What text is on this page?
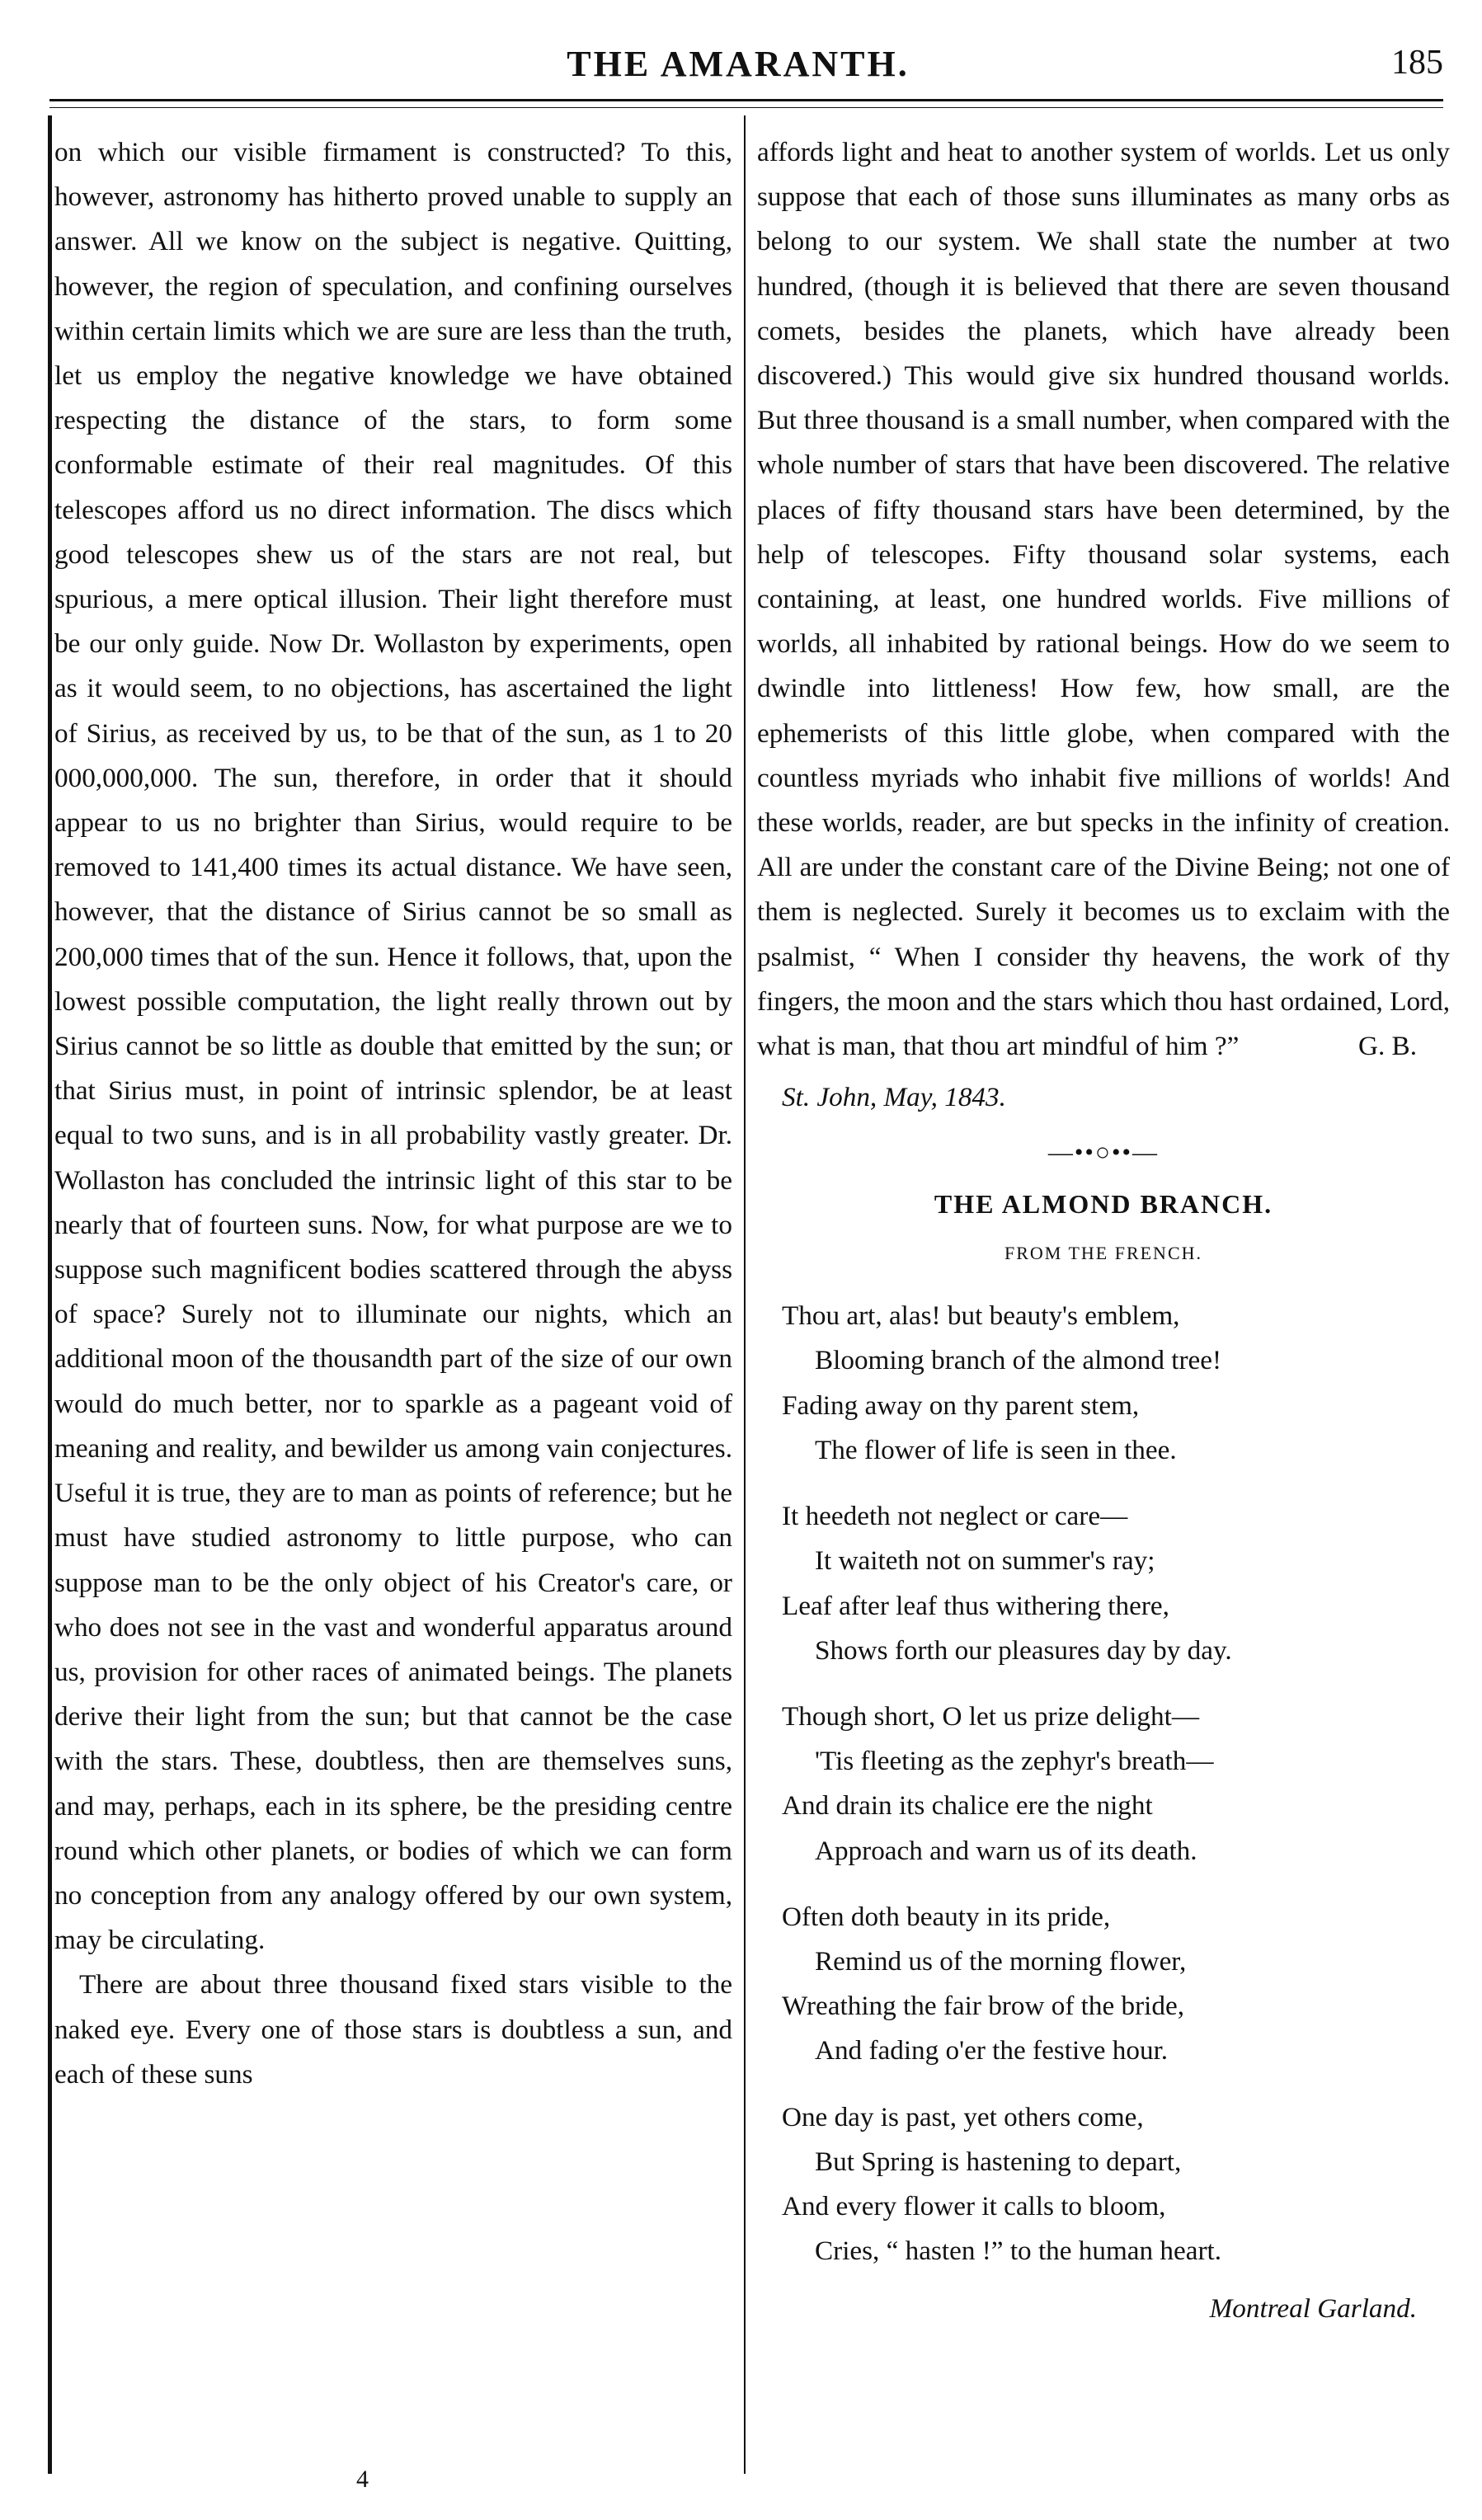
THE AMARANTH.	185

on which our visible firmament is constructed? To this, however, astronomy has hitherto proved unable to supply an answer. All we know on the subject is negative. Quitting, however, the region of speculation, and confining ourselves within certain limits which we are sure are less than the truth, let us employ the negative knowledge we have obtained respecting the distance of the stars, to form some conformable estimate of their real magnitudes. Of this telescopes afford us no direct information. The discs which good telescopes shew us of the stars are not real, but spurious, a mere optical illusion. Their light therefore must be our only guide. Now Dr. Wollaston by experiments, open as it would seem, to no objections, has ascertained the light of Sirius, as received by us, to be that of the sun, as 1 to 20 000,000,000. The sun, therefore, in order that it should appear to us no brighter than Sirius, would require to be removed to 141,400 times its actual distance. We have seen, however, that the distance of Sirius cannot be so small as 200,000 times that of the sun. Hence it follows, that, upon the lowest possible computation, the light really thrown out by Sirius cannot be so little as double that emitted by the sun; or that Sirius must, in point of intrinsic splendor, be at least equal to two suns, and is in all probability vastly greater. Dr. Wollaston has concluded the intrinsic light of this star to be nearly that of fourteen suns. Now, for what purpose are we to suppose such magnificent bodies scattered through the abyss of space? Surely not to illuminate our nights, which an additional moon of the thousandth part of the size of our own would do much better, nor to sparkle as a pageant void of meaning and reality, and bewilder us among vain conjectures. Useful it is true, they are to man as points of reference; but he must have studied astronomy to little purpose, who can suppose man to be the only object of his Creator's care, or who does not see in the vast and wonderful apparatus around us, provision for other races of animated beings. The planets derive their light from the sun; but that cannot be the case with the stars. These, doubtless, then are themselves suns, and may, perhaps, each in its sphere, be the presiding centre round which other planets, or bodies of which we can form no conception from any analogy offered by our own system, may be circulating.

There are about three thousand fixed stars visible to the naked eye. Every one of those stars is doubtless a sun, and each of these suns

affords light and heat to another system of worlds. Let us only suppose that each of those suns illuminates as many orbs as belong to our system. We shall state the number at two hundred, (though it is believed that there are seven thousand comets, besides the planets, which have already been discovered.) This would give six hundred thousand worlds. But three thousand is a small number, when compared with the whole number of stars that have been discovered. The relative places of fifty thousand stars have been determined, by the help of telescopes. Fifty thousand solar systems, each containing, at least, one hundred worlds. Five millions of worlds, all inhabited by rational beings. How do we seem to dwindle into littleness! How few, how small, are the ephemerists of this little globe, when compared with the countless myriads who inhabit five millions of worlds! And these worlds, reader, are but specks in the infinity of creation. All are under the constant care of the Divine Being; not one of them is neglected. Surely it becomes us to exclaim with the psalmist, “ When I consider thy heavens, the work of thy fingers, the moon and the stars which thou hast ordained, Lord, what is man, that thou art mindful of him ?”	G. B.

St. John, May, 1843.

—••○••—

THE ALMOND BRANCH.

FROM THE FRENCH.

Thou art, alas! but beauty's emblem,
Blooming branch of the almond tree!
Fading away on thy parent stem,
The flower of life is seen in thee.
It heedeth not neglect or care—
It waiteth not on summer's ray;
Leaf after leaf thus withering there,
Shows forth our pleasures day by day.
Though short, O let us prize delight—
'Tis fleeting as the zephyr's breath—
And drain its chalice ere the night
Approach and warn us of its death.
Often doth beauty in its pride,
Remind us of the morning flower,
Wreathing the fair brow of the bride,
And fading o'er the festive hour.
One day is past, yet others come,
But Spring is hastening to depart,
And every flower it calls to bloom,
Cries, “ hasten !” to the human heart.

Montreal Garland.

4
